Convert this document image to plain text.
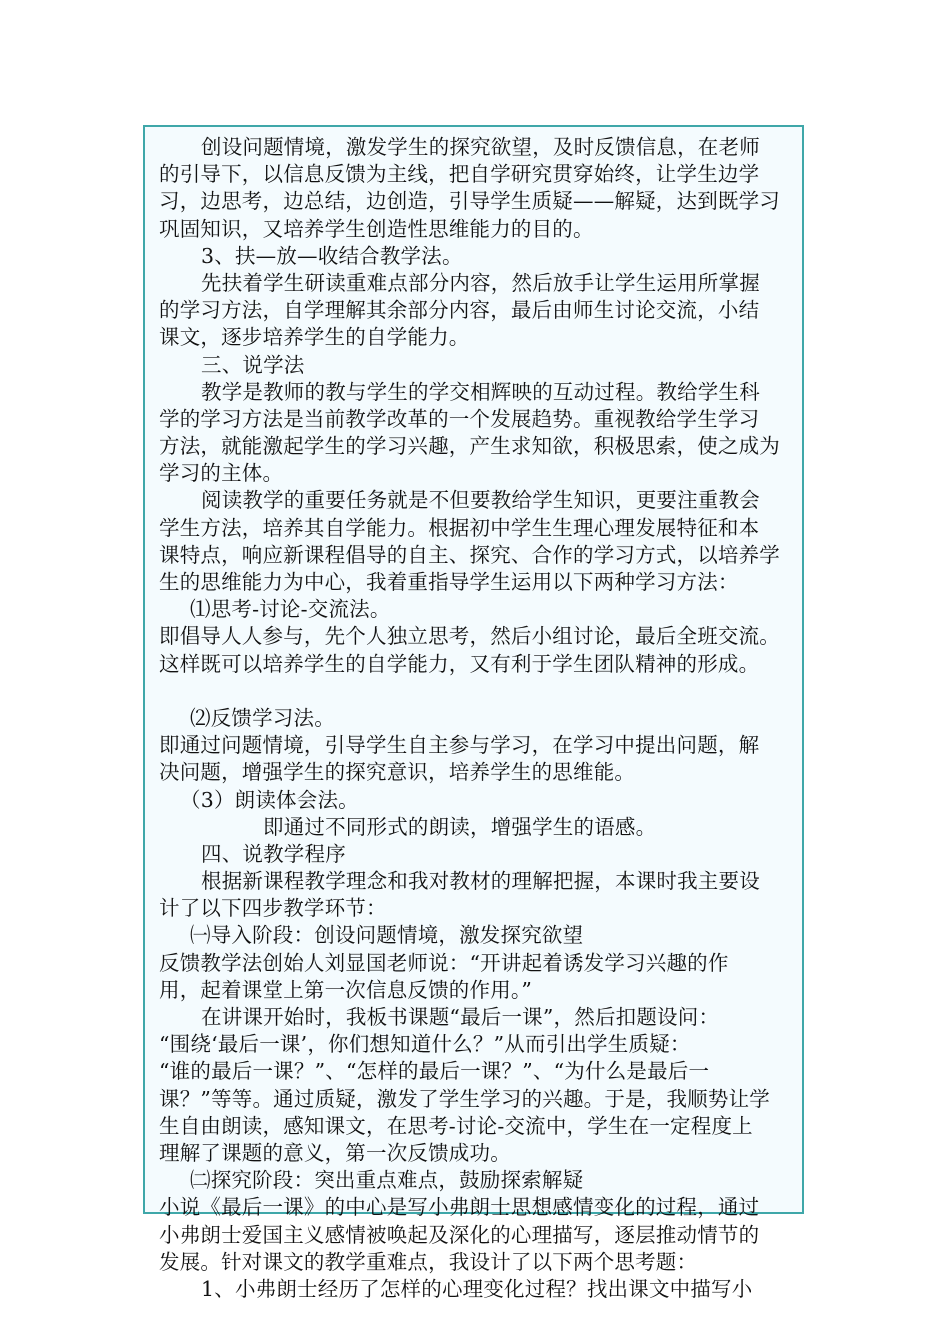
创设问题情境，激发学生的探究欲望，及时反馈信息，在老师
的引导下，以信息反馈为主线，把自学研究贯穿始终，让学生边学
习，边思考，边总结，边创造，引导学生质疑——解疑，达到既学习
巩固知识，又培养学生创造性思维能力的目的。
3、扶—放—收结合教学法。
先扶着学生研读重难点部分内容，然后放手让学生运用所掌握
的学习方法，自学理解其余部分内容，最后由师生讨论交流，小结
课文，逐步培养学生的自学能力。
三、说学法
教学是教师的教与学生的学交相辉映的互动过程。教给学生科
学的学习方法是当前教学改革的一个发展趋势。重视教给学生学习
方法，就能激起学生的学习兴趣，产生求知欲，积极思索，使之成为
学习的主体。
阅读教学的重要任务就是不但要教给学生知识，更要注重教会
学生方法，培养其自学能力。根据初中学生生理心理发展特征和本
课特点，响应新课程倡导的自主、探究、合作的学习方式，以培养学
生的思维能力为中心，我着重指导学生运用以下两种学习方法：
⑴思考-讨论-交流法。
即倡导人人参与，先个人独立思考，然后小组讨论，最后全班交流。
这样既可以培养学生的自学能力，又有利于学生团队精神的形成。
⑵反馈学习法。
即通过问题情境，引导学生自主参与学习，在学习中提出问题，解
决问题，增强学生的探究意识，培养学生的思维能。
（3）朗读体会法。
即通过不同形式的朗读，增强学生的语感。
四、说教学程序
根据新课程教学理念和我对教材的理解把握，本课时我主要设
计了以下四步教学环节：
㈠导入阶段：创设问题情境，激发探究欲望
反馈教学法创始人刘显国老师说：“开讲起着诱发学习兴趣的作
用，起着课堂上第一次信息反馈的作用。”
在讲课开始时，我板书课题“最后一课”，然后扣题设问：
“围绕‘最后一课’，你们想知道什么？”从而引出学生质疑：
“谁的最后一课？”、“怎样的最后一课？”、“为什么是最后一
课？”等等。通过质疑，激发了学生学习的兴趣。于是，我顺势让学
生自由朗读，感知课文，在思考-讨论-交流中，学生在一定程度上
理解了课题的意义，第一次反馈成功。
㈡探究阶段：突出重点难点，鼓励探索解疑
小说《最后一课》的中心是写小弗朗士思想感情变化的过程，通过
小弗朗士爱国主义感情被唤起及深化的心理描写，逐层推动情节的
发展。针对课文的教学重难点，我设计了以下两个思考题：
1、小弗朗士经历了怎样的心理变化过程？找出课文中描写小
